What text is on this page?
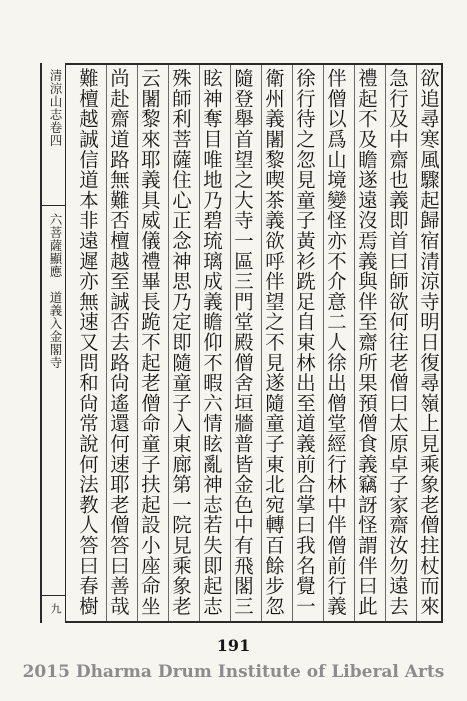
清涼山志卷四
六菩薩顯應　道義入金閣寺
九
欲追尋寒風驟起歸宿清涼寺明日復尋嶺上見乘象老僧拄杖而來
急行及中齋也義即首曰師欲何往老僧曰太原卓子家齋汝勿遠去
禮起不及瞻遂遠沒焉義與伴至齋所果預僧食義竊訝怪謂伴曰此
伴僧以爲山境變怪亦不介意二人徐出僧堂經行林中伴僧前行義
徐行待之忽見童子黃衫跣足自東林出至道義前合掌曰我名覺一
衛州義闍黎喫茶義欲呼伴望之不見遂隨童子東北宛轉百餘步忽
隨登舉首望之大寺一區三門堂殿僧舍垣牆普皆金色中有飛閣三
眩神奪目唯地乃碧琉璃成義瞻仰不暇六情眩亂神志若失即起志
殊師利菩薩住心正念神思乃定即隨童子入東廊第一院見乘象老
云闍黎來耶義具威儀禮畢長跪不起老僧命童子扶起設小座命坐
尚赴齋道路無難否檀越至誠否去路尙遙還何速耶老僧答曰善哉
難檀越誠信道本非遠遲亦無速又問和尙常說何法教人答曰春樹
191
2015 Dharma Drum Institute of Liberal Arts
